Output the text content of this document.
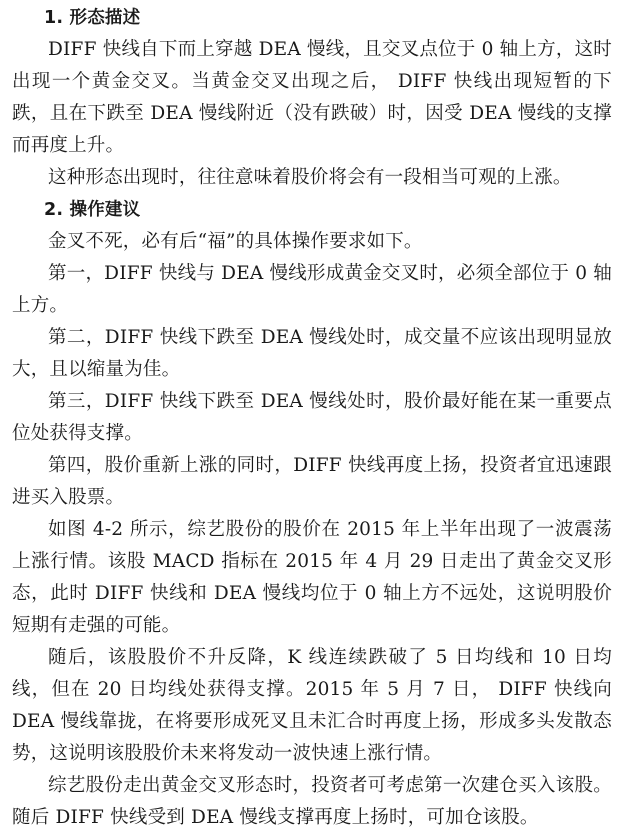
1. 形态描述

DIFF 快线自下而上穿越 DEA 慢线，且交叉点位于 0 轴上方，这时出现一个黄金交叉。当黄金交叉出现之后， DIFF 快线出现短暂的下跌，且在下跌至 DEA 慢线附近（没有跌破）时，因受 DEA 慢线的支撑而再度上升。

这种形态出现时，往往意味着股价将会有一段相当可观的上涨。

2. 操作建议

金叉不死，必有后“福”的具体操作要求如下。

第一，DIFF 快线与 DEA 慢线形成黄金交叉时，必须全部位于 0 轴上方。

第二，DIFF 快线下跌至 DEA 慢线处时，成交量不应该出现明显放大，且以缩量为佳。

第三，DIFF 快线下跌至 DEA 慢线处时，股价最好能在某一重要点位处获得支撑。

第四，股价重新上涨的同时，DIFF 快线再度上扬，投资者宜迅速跟进买入股票。

如图 4-2 所示，综艺股份的股价在 2015 年上半年出现了一波震荡上涨行情。该股 MACD 指标在 2015 年 4 月 29 日走出了黄金交叉形态，此时 DIFF 快线和 DEA 慢线均位于 0 轴上方不远处，这说明股价短期有走强的可能。

随后，该股股价不升反降，K 线连续跌破了 5 日均线和 10 日均线，但在 20 日均线处获得支撑。2015 年 5 月 7 日， DIFF 快线向 DEA 慢线靠拢，在将要形成死叉且未汇合时再度上扬，形成多头发散态势，这说明该股股价未来将发动一波快速上涨行情。

综艺股份走出黄金交叉形态时，投资者可考虑第一次建仓买入该股。随后 DIFF 快线受到 DEA 慢线支撑再度上扬时，可加仓该股。
